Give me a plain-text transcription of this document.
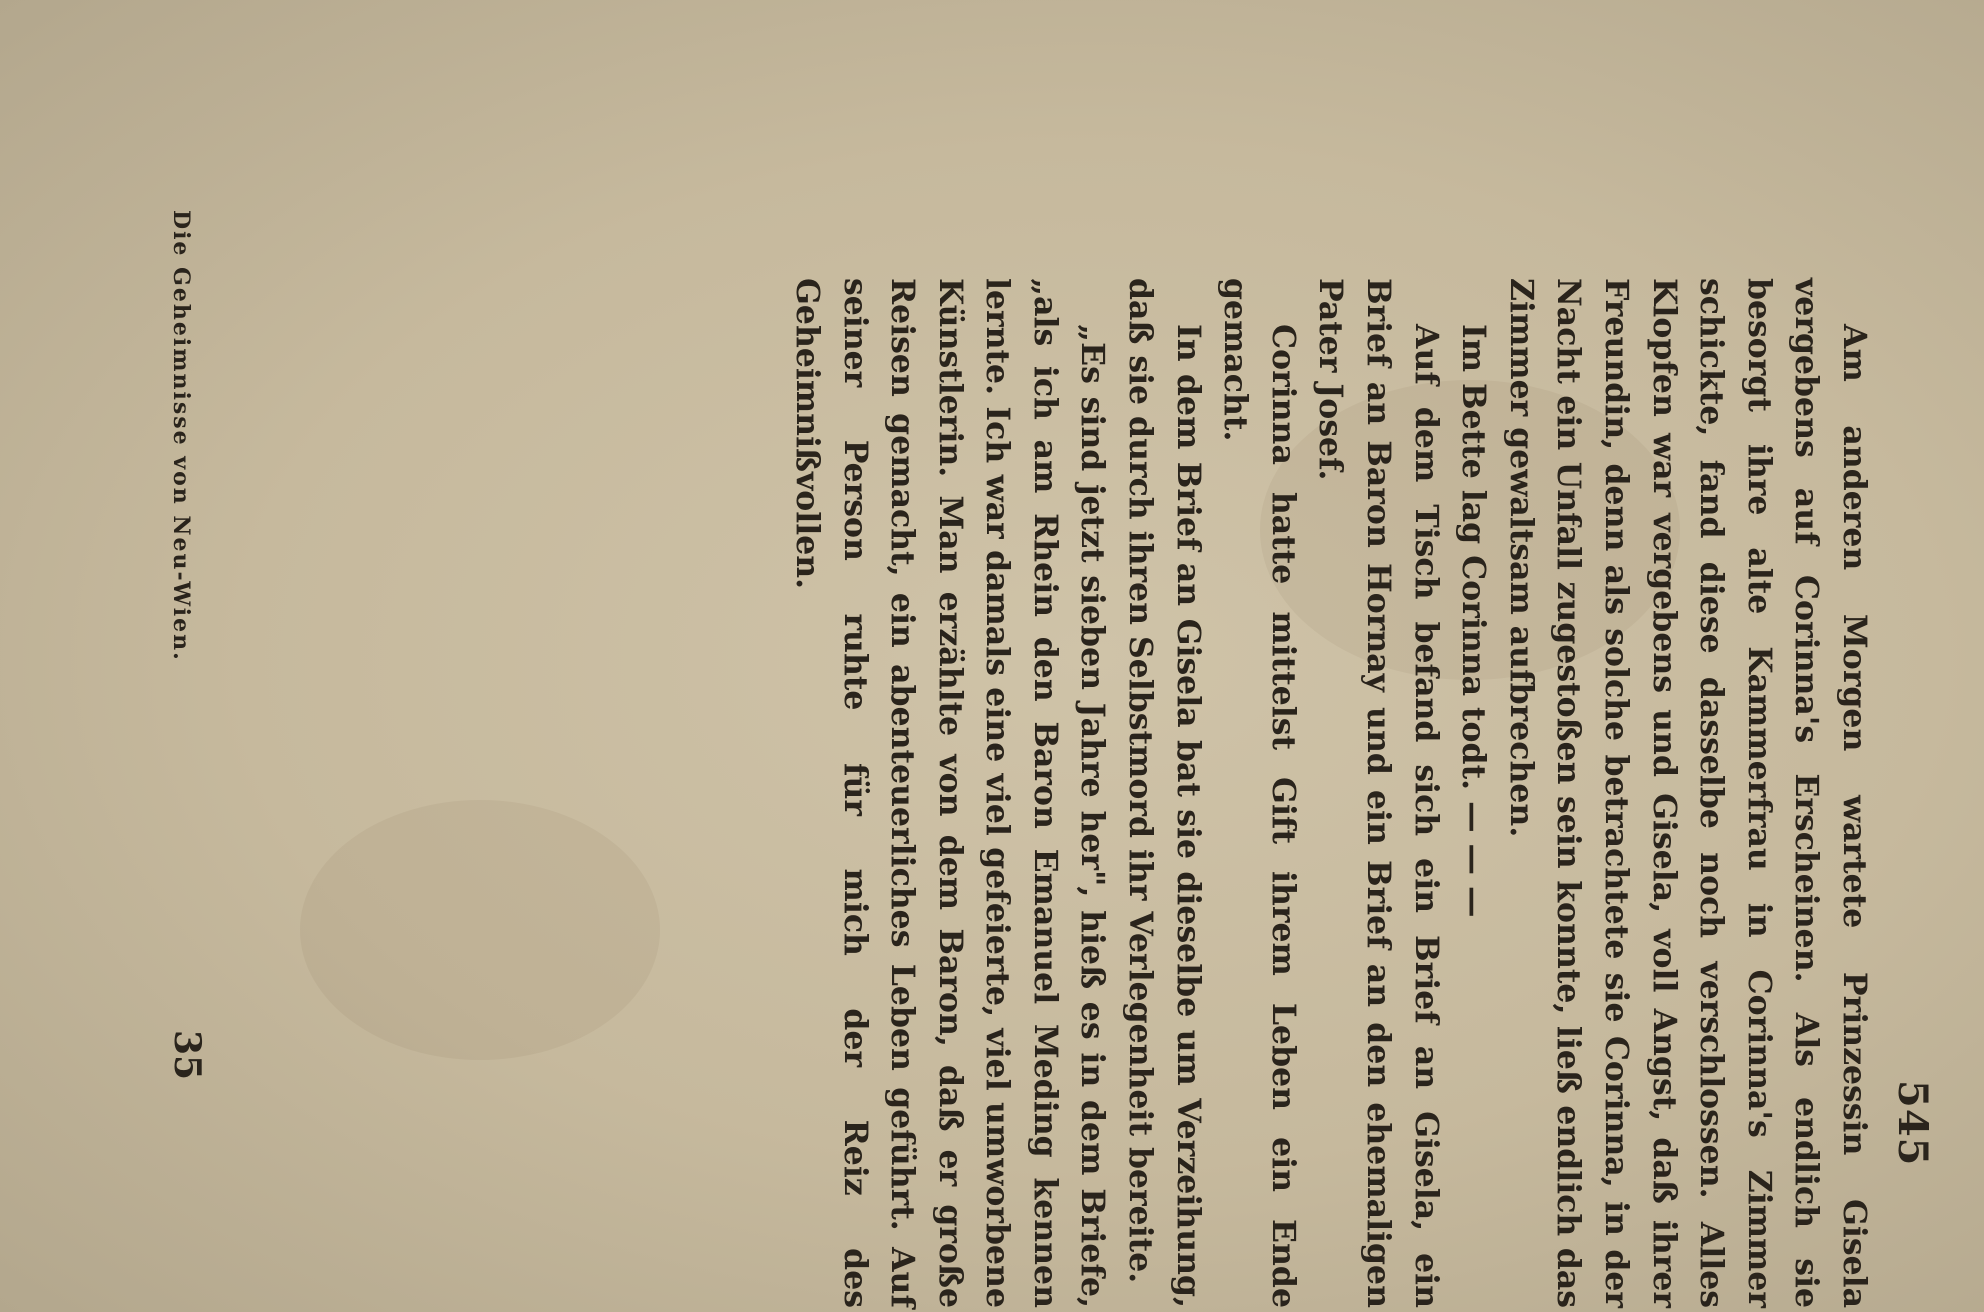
545

Am anderen Morgen wartete Prinzessin Gisela vergebens auf Corinna's Erscheinen. Als endlich sie besorgt ihre alte Kammerfrau in Corinna's Zimmer schickte, fand diese dasselbe noch verschlossen. Alles Klopfen war vergebens und Gisela, voll Angst, daß ihrer Freundin, denn als solche betrachtete sie Corinna, in der Nacht ein Unfall zugestoßen sein konnte, ließ endlich das Zimmer gewaltsam aufbrechen.

Im Bette lag Corinna todt. — — —

Auf dem Tisch befand sich ein Brief an Gisela, ein Brief an Baron Hornay und ein Brief an den ehemaligen Pater Josef.

Corinna hatte mittelst Gift ihrem Leben ein Ende gemacht.

In dem Brief an Gisela bat sie dieselbe um Verzeihung, daß sie durch ihren Selbstmord ihr Verlegenheit bereite.

„Es sind jetzt sieben Jahre her", hieß es in dem Briefe, „als ich am Rhein den Baron Emanuel Meding kennen lernte. Ich war damals eine viel gefeierte, viel umworbene Künstlerin. Man erzählte von dem Baron, daß er große Reisen gemacht, ein abenteuerliches Leben geführt. Auf seiner Person ruhte für mich der Reiz des Geheimnißvollen.

Die Geheimnisse von Neu-Wien.
35
